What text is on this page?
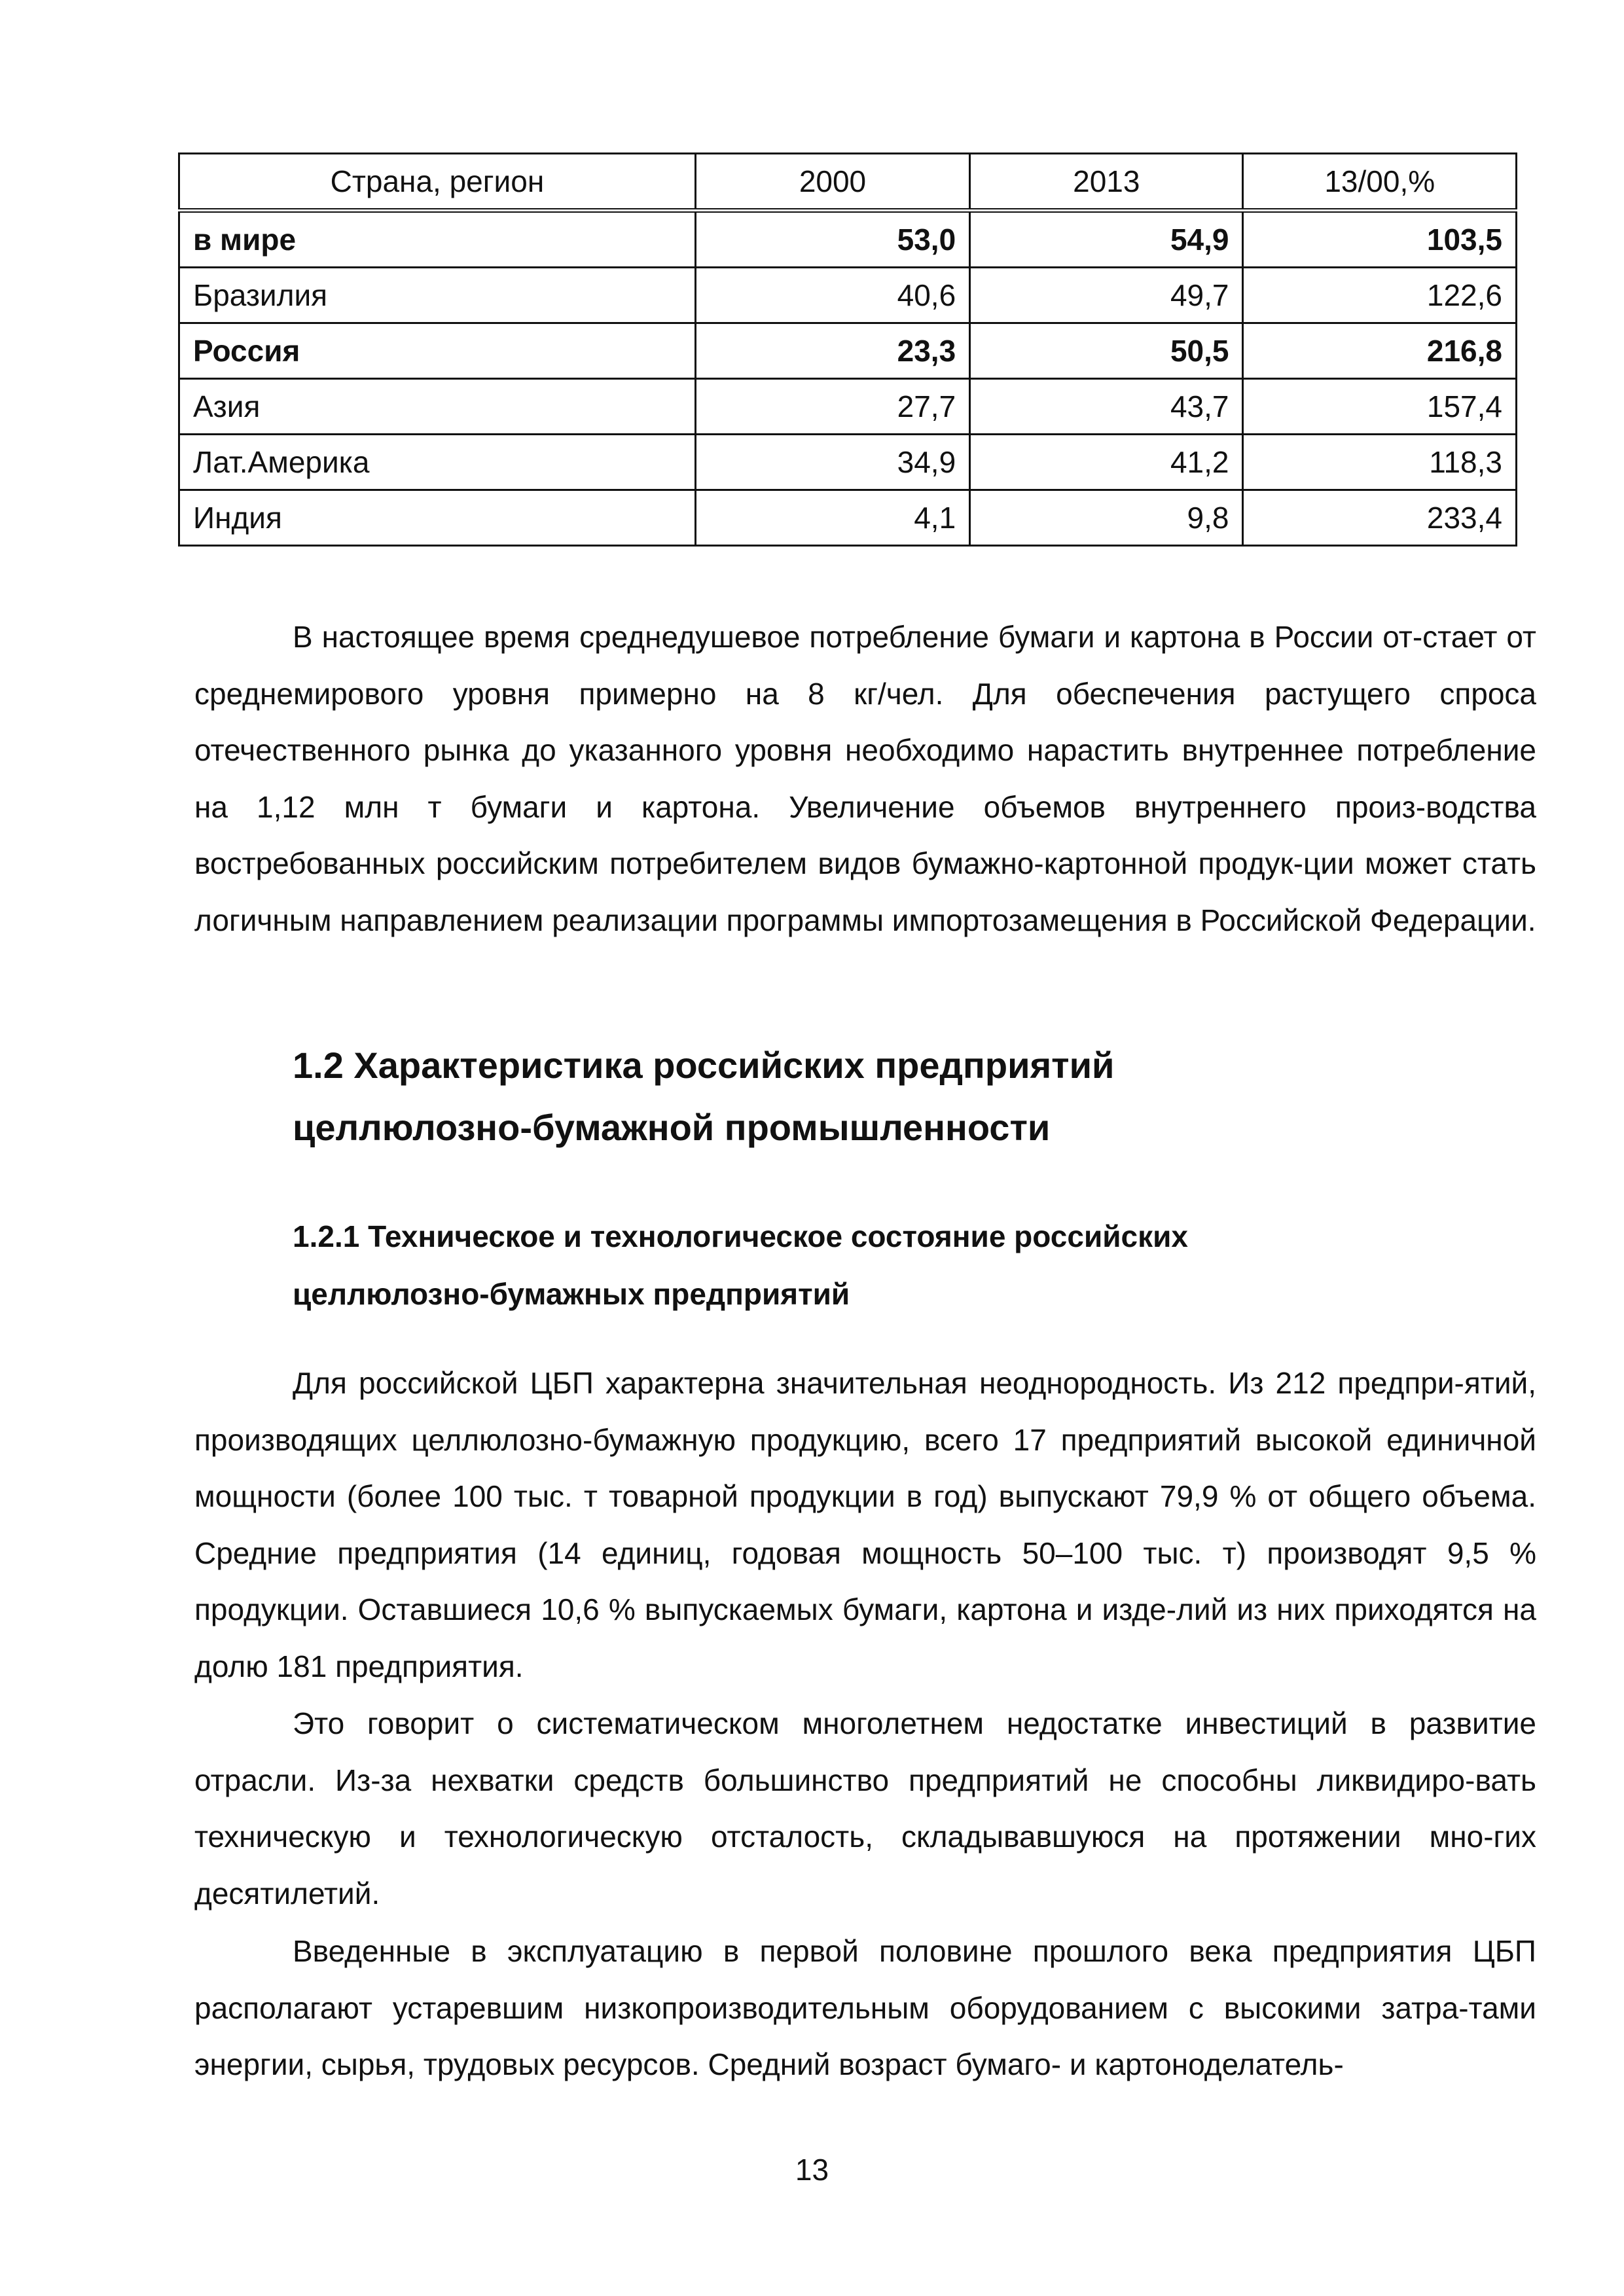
Страна, регион	2000	2013	13/00,%
в мире	53,0	54,9	103,5
Бразилия	40,6	49,7	122,6
Россия	23,3	50,5	216,8
Азия	27,7	43,7	157,4
Лат.Америка	34,9	41,2	118,3
Индия	4,1	9,8	233,4

В настоящее время среднедушевое потребление бумаги и картона в России от-стает от среднемирового уровня примерно на 8 кг/чел. Для обеспечения растущего спроса отечественного рынка до указанного уровня необходимо нарастить внутреннее потребление на 1,12 млн т бумаги и картона. Увеличение объемов внутреннего произ-водства востребованных российским потребителем видов бумажно-картонной продук-ции может стать логичным направлением реализации программы импортозамещения в Российской Федерации.

1.2 Характеристика российских предприятий
целлюлозно-бумажной промышленности
1.2.1 Техническое и технологическое состояние российских
целлюлозно-бумажных предприятий

Для российской ЦБП характерна значительная неоднородность. Из 212 предпри-ятий, производящих целлюлозно-бумажную продукцию, всего 17 предприятий высокой единичной мощности (более 100 тыс. т товарной продукции в год) выпускают 79,9 % от общего объема. Средние предприятия (14 единиц, годовая мощность 50–100 тыс. т) производят 9,5 % продукции. Оставшиеся 10,6 % выпускаемых бумаги, картона и изде-лий из них приходятся на долю 181 предприятия.

Это говорит о систематическом многолетнем недостатке инвестиций в развитие отрасли. Из-за нехватки средств большинство предприятий не способны ликвидиро-вать техническую и технологическую отсталость, складывавшуюся на протяжении мно-гих десятилетий.

Введенные в эксплуатацию в первой половине прошлого века предприятия ЦБП располагают устаревшим низкопроизводительным оборудованием с высокими затра-тами энергии, сырья, трудовых ресурсов. Средний возраст бумаго- и картоноделатель-

13
